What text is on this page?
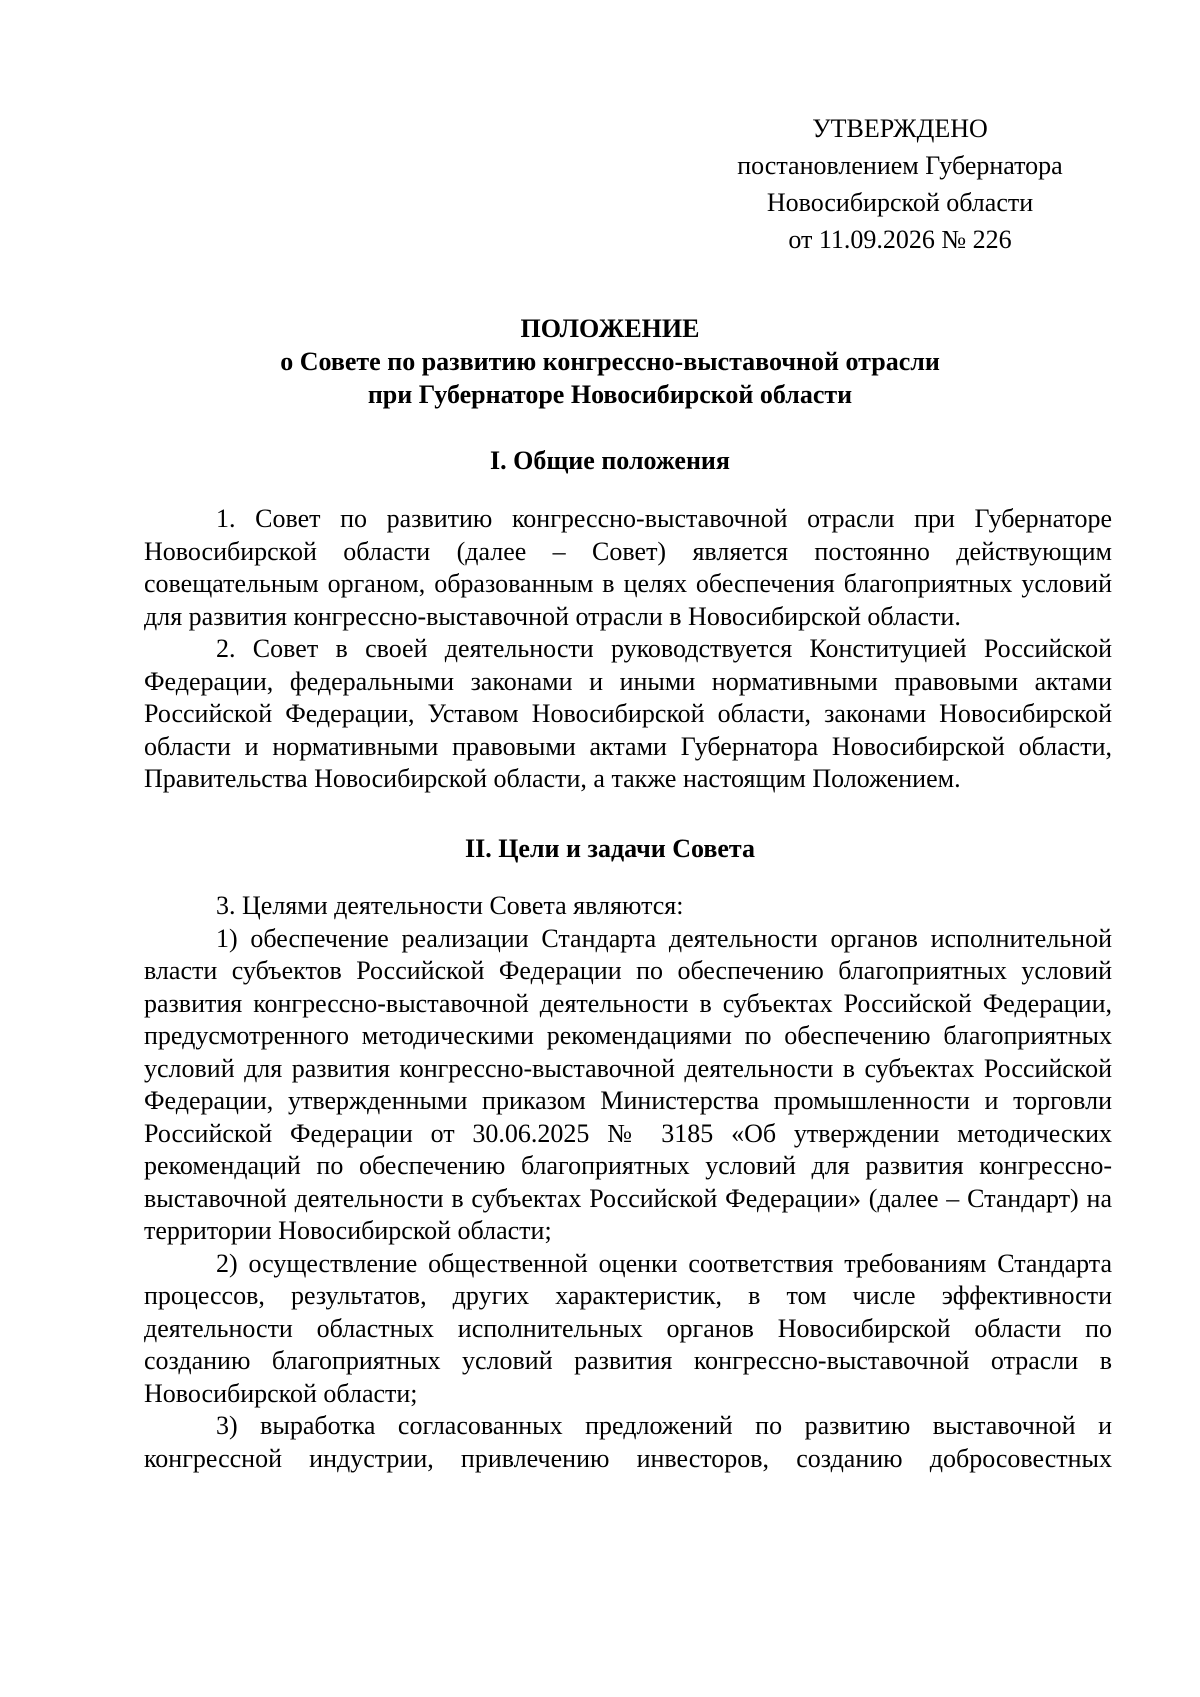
УТВЕРЖДЕНО
постановлением Губернатора
Новосибирской области
от 11.09.2026 № 226
ПОЛОЖЕНИЕ
о Совете по развитию конгрессно-выставочной отрасли
при Губернаторе Новосибирской области
I. Общие положения

1. Совет по развитию конгрессно-выставочной отрасли при Губернаторе Новосибирской области (далее – Совет) является постоянно действующим совещательным органом, образованным в целях обеспечения благоприятных условий для развития конгрессно-выставочной отрасли в Новосибирской области.

2. Совет в своей деятельности руководствуется Конституцией Российской Федерации, федеральными законами и иными нормативными правовыми актами Российской Федерации, Уставом Новосибирской области, законами Новосибирской области и нормативными правовыми актами Губернатора Новосибирской области, Правительства Новосибирской области, а также настоящим Положением.

II. Цели и задачи Совета

3. Целями деятельности Совета являются:

1) обеспечение реализации Стандарта деятельности органов исполнительной власти субъектов Российской Федерации по обеспечению благоприятных условий развития конгрессно-выставочной деятельности в субъектах Российской Федерации, предусмотренного методическими рекомендациями по обеспечению благоприятных условий для развития конгрессно-выставочной деятельности в субъектах Российской Федерации, утвержденными приказом Министерства промышленности и торговли Российской Федерации от 30.06.2025 № 3185 «Об утверждении методических рекомендаций по обеспечению благоприятных условий для развития конгрессно-выставочной деятельности в субъектах Российской Федерации» (далее – Стандарт) на территории Новосибирской области;

2) осуществление общественной оценки соответствия требованиям Стандарта процессов, результатов, других характеристик, в том числе эффективности деятельности областных исполнительных органов Новосибирской области по созданию благоприятных условий развития конгрессно-выставочной отрасли в Новосибирской области;

3) выработка согласованных предложений по развитию выставочной и конгрессной индустрии, привлечению инвесторов, созданию добросовестных
